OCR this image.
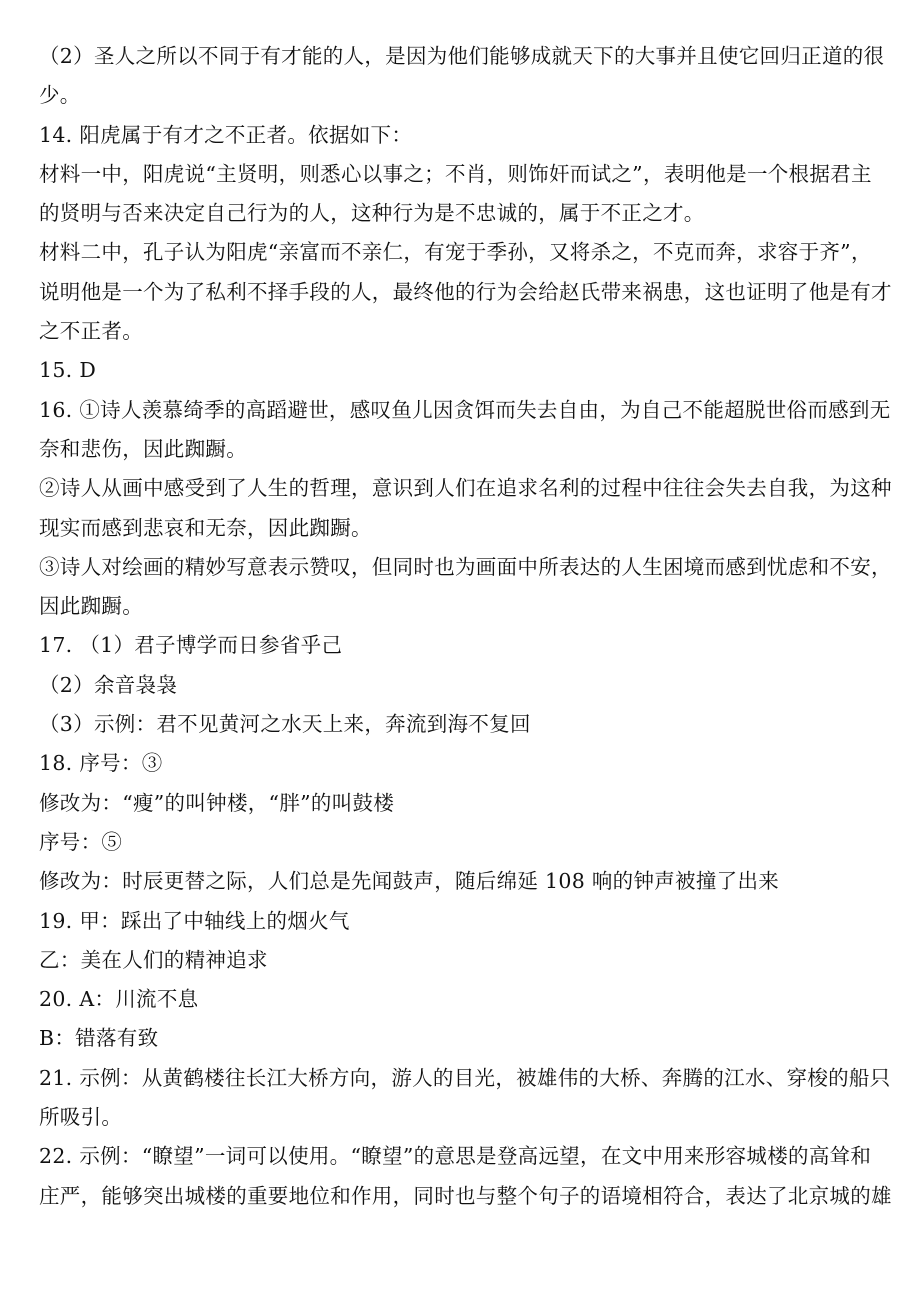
（2）圣人之所以不同于有才能的人，是因为他们能够成就天下的大事并且使它回归正道的很
少。
14. 阳虎属于有才之不正者。依据如下：
材料一中，阳虎说“主贤明，则悉心以事之；不肖，则饰奸而试之”，表明他是一个根据君主
的贤明与否来决定自己行为的人，这种行为是不忠诚的，属于不正之才。
材料二中，孔子认为阳虎“亲富而不亲仁，有宠于季孙，又将杀之，不克而奔，求容于齐”，
说明他是一个为了私利不择手段的人，最终他的行为会给赵氏带来祸患，这也证明了他是有才
之不正者。
15. D
16. ①诗人羡慕绮季的高蹈避世，感叹鱼儿因贪饵而失去自由，为自己不能超脱世俗而感到无
奈和悲伤，因此踟蹰。
②诗人从画中感受到了人生的哲理，意识到人们在追求名利的过程中往往会失去自我，为这种
现实而感到悲哀和无奈，因此踟蹰。
③诗人对绘画的精妙写意表示赞叹，但同时也为画面中所表达的人生困境而感到忧虑和不安，
因此踟蹰。
17. （1）君子博学而日参省乎己
（2）余音袅袅
（3）示例：君不见黄河之水天上来，奔流到海不复回
18. 序号：③
修改为：“瘦”的叫钟楼，“胖”的叫鼓楼
序号：⑤
修改为：时辰更替之际，人们总是先闻鼓声，随后绵延 108 响的钟声被撞了出来
19. 甲：踩出了中轴线上的烟火气
乙：美在人们的精神追求
20. A：川流不息
B：错落有致
21. 示例：从黄鹤楼往长江大桥方向，游人的目光，被雄伟的大桥、奔腾的江水、穿梭的船只
所吸引。
22. 示例：“瞭望”一词可以使用。“瞭望”的意思是登高远望，在文中用来形容城楼的高耸和
庄严，能够突出城楼的重要地位和作用，同时也与整个句子的语境相符合，表达了北京城的雄
